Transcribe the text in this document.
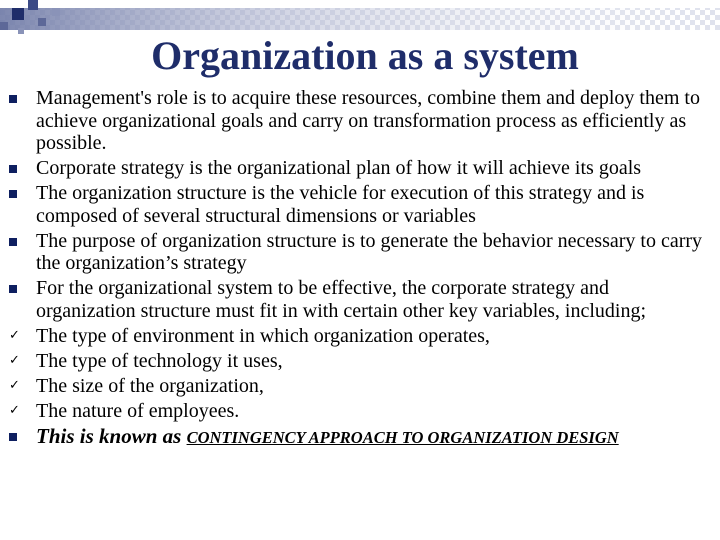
Organization as a system
Management's role is to acquire these resources, combine them and deploy them to achieve organizational goals and carry on transformation process as efficiently as possible.
Corporate strategy is the organizational plan of how it will achieve its goals
The organization structure is the vehicle for execution of this strategy and is composed of several structural dimensions or variables
The purpose of organization structure is to generate the behavior necessary to carry the organization’s strategy
For the organizational system to be effective, the corporate strategy and organization structure must fit in with certain other key variables, including;
✓ The type of environment in which organization operates,
✓ The type of technology it uses,
✓ The size of the organization,
✓ The nature of employees.
This is known as CONTINGENCY APPROACH TO ORGANIZATION DESIGN
